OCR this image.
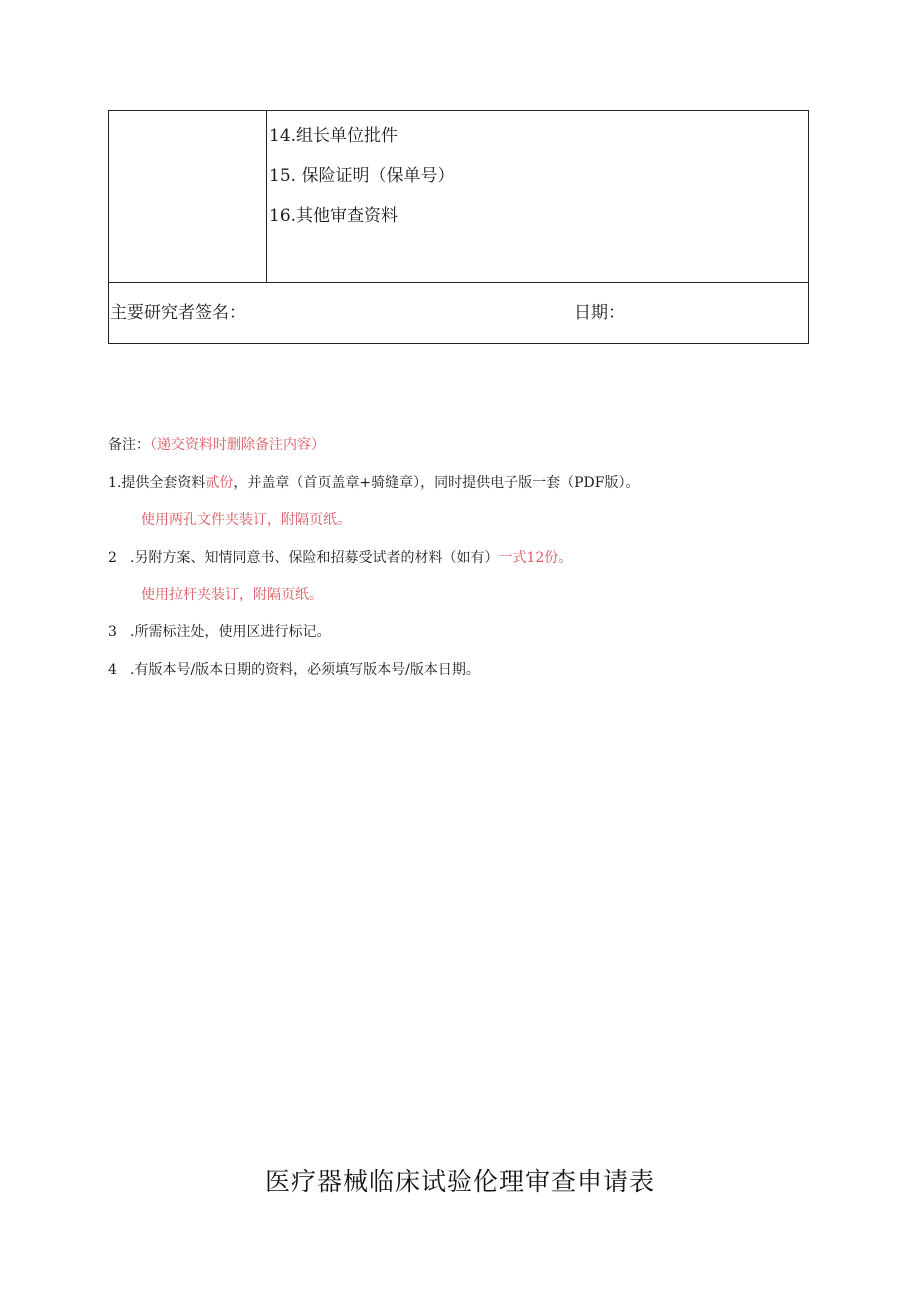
14.组长单位批件
15. 保险证明（保单号）
16.其他审查资料
主要研究者签名：	日期：
备注：（递交资料时删除备注内容）
1.提供全套资料贰份，并盖章（首页盖章+骑缝章），同时提供电子版一套（PDF版）。
使用两孔文件夹装订，附隔页纸。
2 .另附方案、知情同意书、保险和招募受试者的材料（如有）一式12份。
使用拉杆夹装订，附隔页纸。
3 .所需标注处，使用区进行标记。
4 .有版本号/版本日期的资料，必须填写版本号/版本日期。
医疗器械临床试验伦理审查申请表
